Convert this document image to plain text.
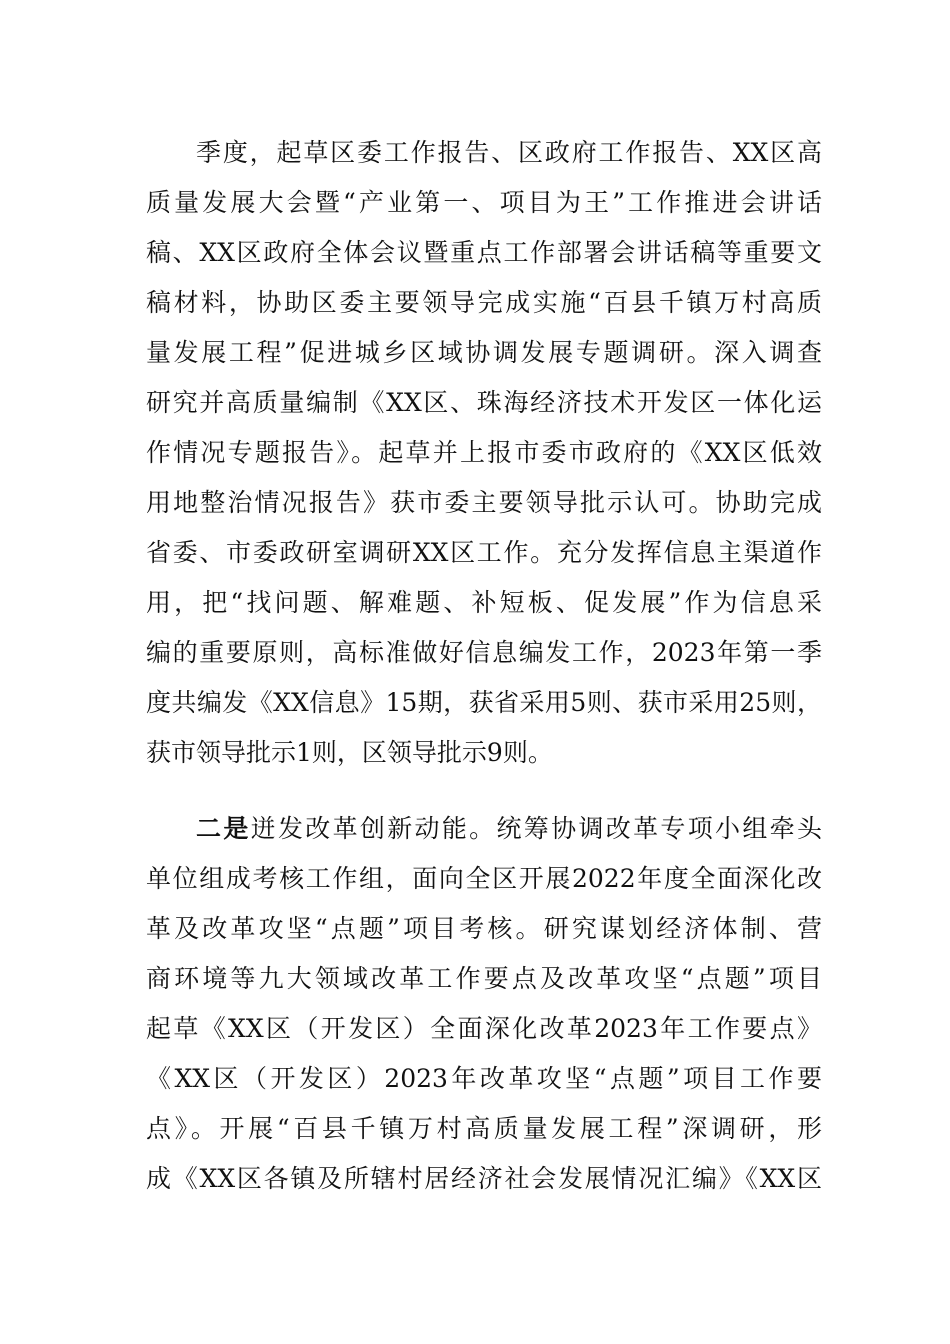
季度，起草区委工作报告、区政府工作报告、XX区高
质量发展大会暨“产业第一、项目为王”工作推进会讲话
稿、XX区政府全体会议暨重点工作部署会讲话稿等重要文
稿材料，协助区委主要领导完成实施“百县千镇万村高质
量发展工程”促进城乡区域协调发展专题调研。深入调查
研究并高质量编制《XX区、珠海经济技术开发区一体化运
作情况专题报告》。起草并上报市委市政府的《XX区低效
用地整治情况报告》获市委主要领导批示认可。协助完成
省委、市委政研室调研XX区工作。充分发挥信息主渠道作
用，把“找问题、解难题、补短板、促发展”作为信息采
编的重要原则，高标准做好信息编发工作，2023年第一季
度共编发《XX信息》15期，获省采用5则、获市采用25则，
获市领导批示1则，区领导批示9则。
二是迸发改革创新动能。统筹协调改革专项小组牵头
单位组成考核工作组，面向全区开展2022年度全面深化改
革及改革攻坚“点题”项目考核。研究谋划经济体制、营
商环境等九大领域改革工作要点及改革攻坚“点题”项目
起草《XX区（开发区）全面深化改革2023年工作要点》
《XX区（开发区）2023年改革攻坚“点题”项目工作要
点》。开展“百县千镇万村高质量发展工程”深调研，形
成《XX区各镇及所辖村居经济社会发展情况汇编》《XX区
